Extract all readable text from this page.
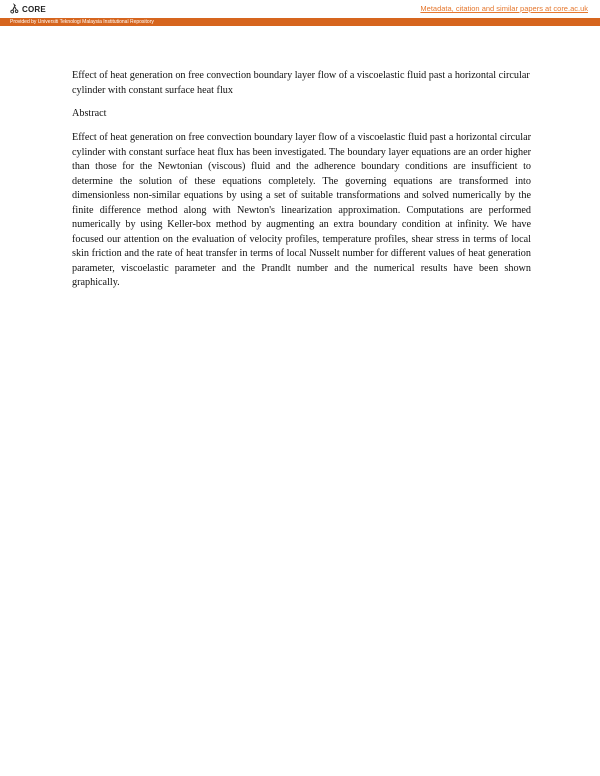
CORE	Metadata, citation and similar papers at core.ac.uk
Provided by Universiti Teknologi Malaysia Institutional Repository

Effect of heat generation on free convection boundary layer flow of a viscoelastic fluid past a horizontal circular cylinder with constant surface heat flux

Abstract

Effect of heat generation on free convection boundary layer flow of a viscoelastic fluid past a horizontal circular cylinder with constant surface heat flux has been investigated. The boundary layer equations are an order higher than those for the Newtonian (viscous) fluid and the adherence boundary conditions are insufficient to determine the solution of these equations completely. The governing equations are transformed into dimensionless non-similar equations by using a set of suitable transformations and solved numerically by the finite difference method along with Newton's linearization approximation. Computations are performed numerically by using Keller-box method by augmenting an extra boundary condition at infinity. We have focused our attention on the evaluation of velocity profiles, temperature profiles, shear stress in terms of local skin friction and the rate of heat transfer in terms of local Nusselt number for different values of heat generation parameter, viscoelastic parameter and the Prandlt number and the numerical results have been shown graphically.
